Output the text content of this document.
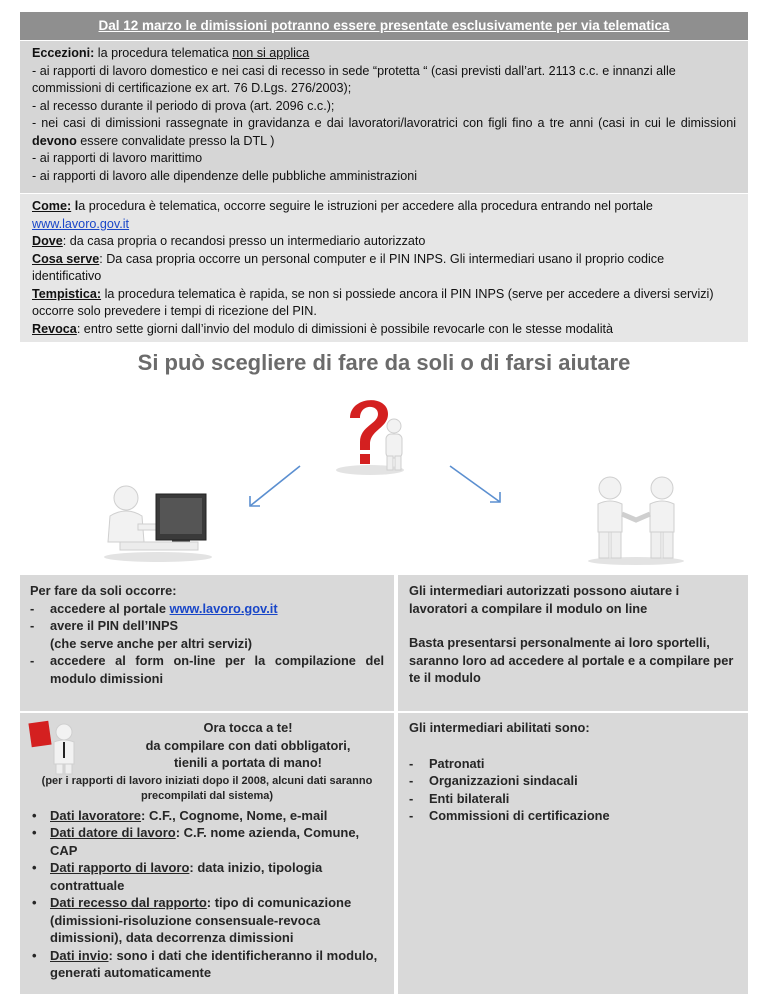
Dal 12 marzo le dimissioni potranno essere presentate esclusivamente per via telematica
Eccezioni: la procedura telematica non si applica
- ai rapporti di lavoro domestico e nei casi di recesso in sede “protetta “ (casi previsti dall’art. 2113 c.c. e innanzi alle commissioni di certificazione ex art. 76 D.Lgs. 276/2003);
- al recesso durante il periodo di prova (art. 2096 c.c.);
- nei casi di dimissioni rassegnate in gravidanza e dai lavoratori/lavoratrici con figli fino a tre anni (casi in cui le dimissioni devono essere convalidate presso la DTL )
- ai rapporti di lavoro marittimo
- ai rapporti di lavoro alle dipendenze delle pubbliche amministrazioni
Come: la procedura è telematica, occorre seguire le istruzioni per accedere alla procedura entrando nel portale www.lavoro.gov.it
Dove: da casa propria o recandosi presso un intermediario autorizzato
Cosa serve: Da casa propria occorre un personal computer e il PIN INPS. Gli intermediari usano il proprio codice identificativo
Tempistica: la procedura telematica è rapida, se non si possiede ancora il PIN INPS (serve per accedere a diversi servizi) occorre solo prevedere i tempi di ricezione del PIN.
Revoca: entro sette giorni dall’invio del modulo di dimissioni è possibile revocarle con le stesse modalità
Si può scegliere di fare da soli o di farsi aiutare
Per fare da soli occorre:
- accedere al portale www.lavoro.gov.it
- avere il PIN dell’INPS
(che serve anche per altri servizi)
- accedere al form on-line per la compilazione del modulo dimissioni
Gli intermediari autorizzati possono aiutare i lavoratori a compilare il modulo on line
Basta presentarsi personalmente ai loro sportelli, saranno loro ad accedere al portale e a compilare per te il modulo
Ora tocca a te!
da compilare con dati obbligatori,
tienili a portata di mano!
(per i rapporti di lavoro iniziati dopo il 2008, alcuni dati saranno precompilati dal sistema)
• Dati lavoratore: C.F., Cognome, Nome, e-mail
• Dati datore di lavoro: C.F. nome azienda, Comune, CAP
• Dati rapporto di lavoro: data inizio, tipologia contrattuale
• Dati recesso dal rapporto: tipo di comunicazione (dimissioni-risoluzione consensuale-revoca dimissioni), data decorrenza dimissioni
• Dati invio: sono i dati che identificheranno il modulo, generati automaticamente
Gli intermediari abilitati sono:
- Patronati
- Organizzazioni sindacali
- Enti bilaterali
- Commissioni di certificazione
